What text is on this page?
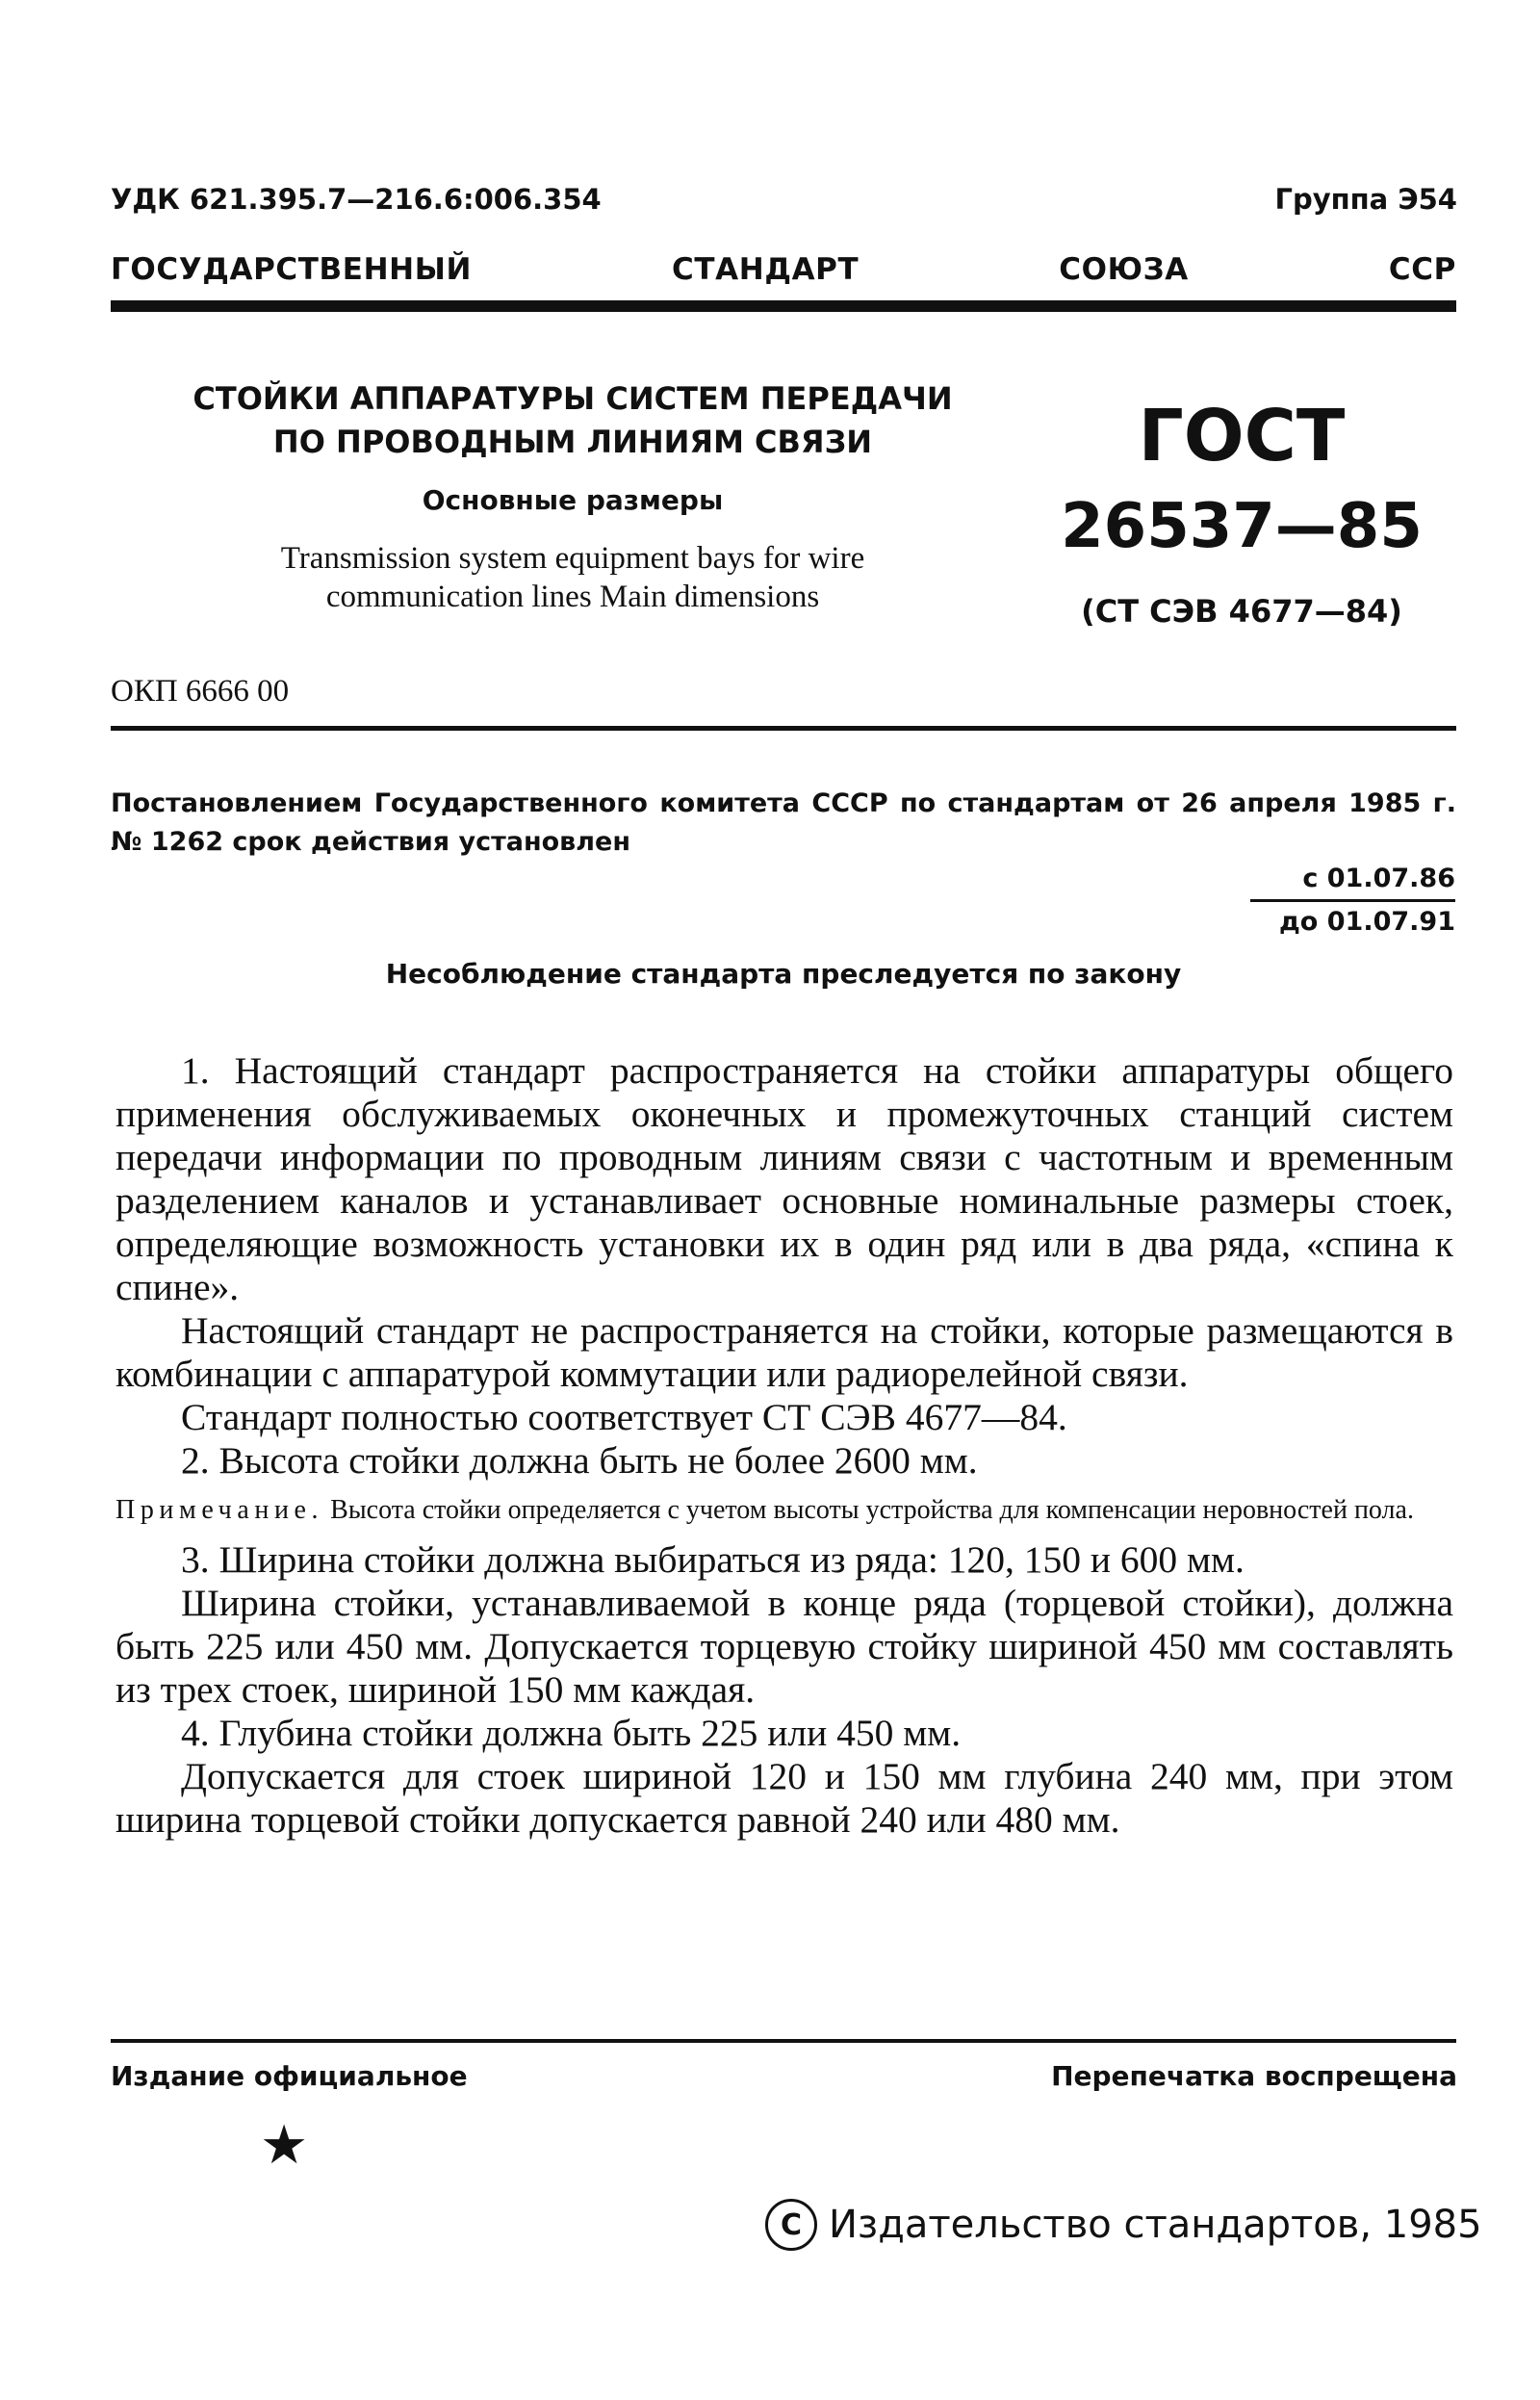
УДК 621.395.7—216.6:006.354	Группа Э54
ГОСУДАРСТВЕННЫЙ	СТАНДАРТ	СОЮЗА	ССР
СТОЙКИ АППАРАТУРЫ СИСТЕМ ПЕРЕДАЧИ
ПО ПРОВОДНЫМ ЛИНИЯМ СВЯЗИ
Основные размеры
Transmission system equipment bays for wire
communication lines Main dimensions
ГОСТ
26537—85
(СТ СЭВ 4677—84)
ОКП 6666 00
Постановлением Государственного комитета СССР по стандартам от 26 апреля 1985 г. № 1262 срок действия установлен
с 01.07.86
до 01.07.91
Несоблюдение стандарта преследуется по закону

1. Настоящий стандарт распространяется на стойки аппаратуры общего применения обслуживаемых оконечных и промежуточных станций систем передачи информации по проводным линиям связи с частотным и временным разделением каналов и устанавливает основные номинальные размеры стоек, определяющие возможность установки их в один ряд или в два ряда, «спина к спине».

Настоящий стандарт не распространяется на стойки, которые размещаются в комбинации с аппаратурой коммутации или радиорелейной связи.

Стандарт полностью соответствует СТ СЭВ 4677—84.

2. Высота стойки должна быть не более 2600 мм.

Примечание. Высота стойки определяется с учетом высоты устройства для компенсации неровностей пола.

3. Ширина стойки должна выбираться из ряда: 120, 150 и 600 мм.

Ширина стойки, устанавливаемой в конце ряда (торцевой стойки), должна быть 225 или 450 мм. Допускается торцевую стойку шириной 450 мм составлять из трех стоек, шириной 150 мм каждая.

4. Глубина стойки должна быть 225 или 450 мм.

Допускается для стоек шириной 120 и 150 мм глубина 240 мм, при этом ширина торцевой стойки допускается равной 240 или 480 мм.

Издание официальное	Перепечатка воспрещена
★
C Издательство стандартов, 1985
